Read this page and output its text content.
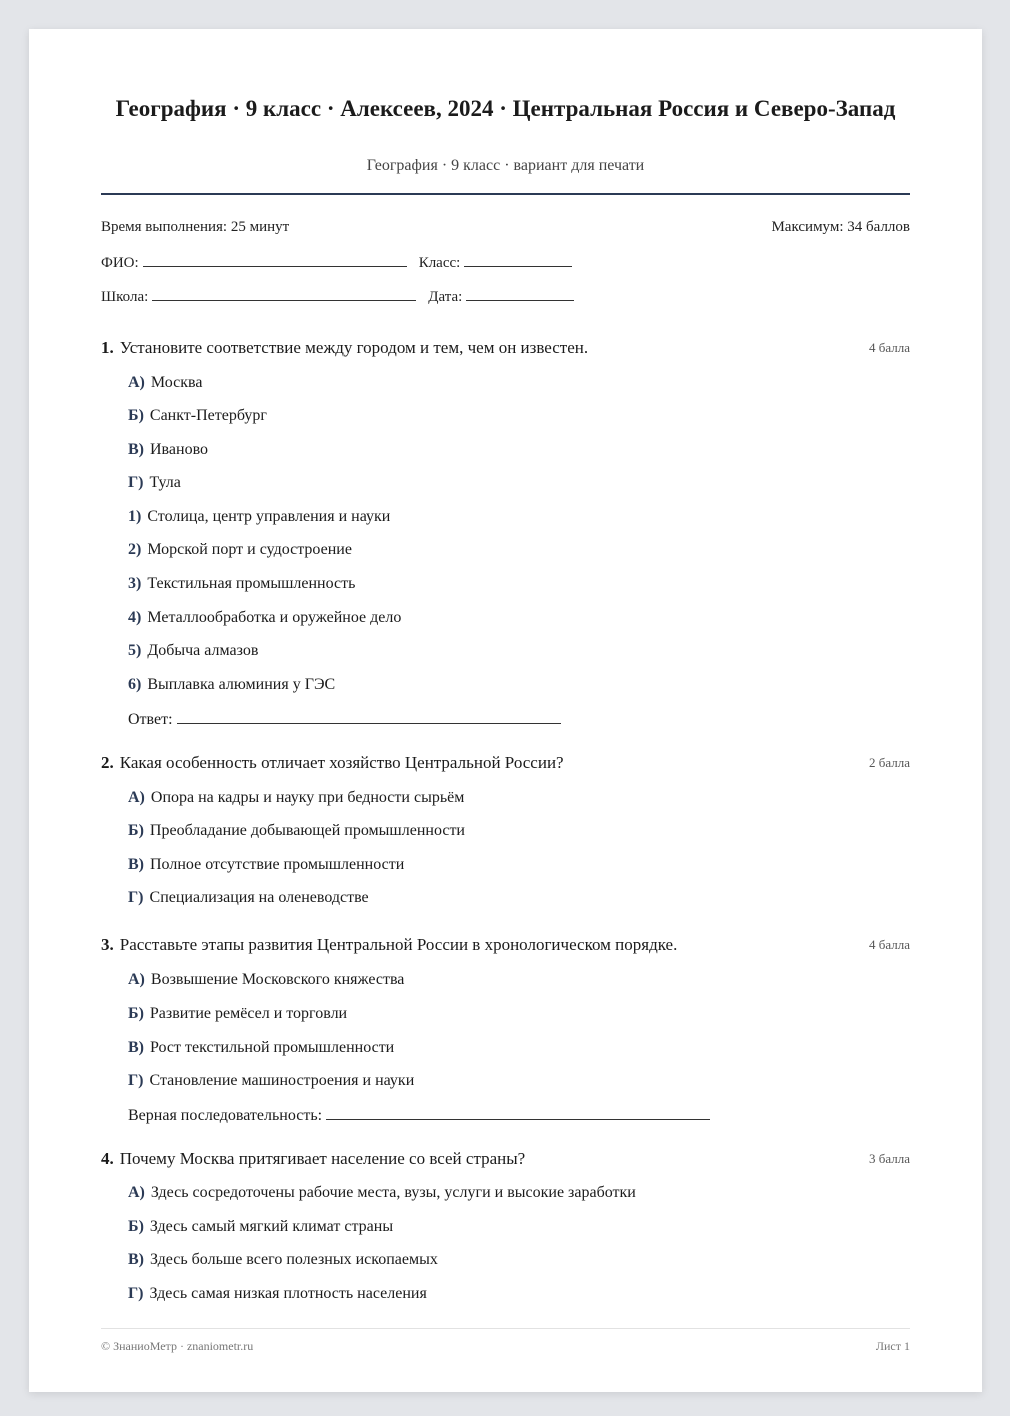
География · 9 класс · Алексеев, 2024 · Центральная Россия и Северо-Запад
География · 9 класс · вариант для печати
Время выполнения: 25 минут	Максимум: 34 баллов
ФИО:	Класс:
Школа:	Дата:
1. Установите соответствие между городом и тем, чем он известен.	4 балла
А) Москва
Б) Санкт-Петербург
В) Иваново
Г) Тула
1) Столица, центр управления и науки
2) Морской порт и судостроение
3) Текстильная промышленность
4) Металлообработка и оружейное дело
5) Добыча алмазов
6) Выплавка алюминия у ГЭС
Ответ:
2. Какая особенность отличает хозяйство Центральной России?	2 балла
А) Опора на кадры и науку при бедности сырьём
Б) Преобладание добывающей промышленности
В) Полное отсутствие промышленности
Г) Специализация на оленеводстве
3. Расставьте этапы развития Центральной России в хронологическом порядке.	4 балла
А) Возвышение Московского княжества
Б) Развитие ремёсел и торговли
В) Рост текстильной промышленности
Г) Становление машиностроения и науки
Верная последовательность:
4. Почему Москва притягивает население со всей страны?	3 балла
А) Здесь сосредоточены рабочие места, вузы, услуги и высокие заработки
Б) Здесь самый мягкий климат страны
В) Здесь больше всего полезных ископаемых
Г) Здесь самая низкая плотность населения
© ЗнаниоМетр · znaniometr.ru	Лист 1
